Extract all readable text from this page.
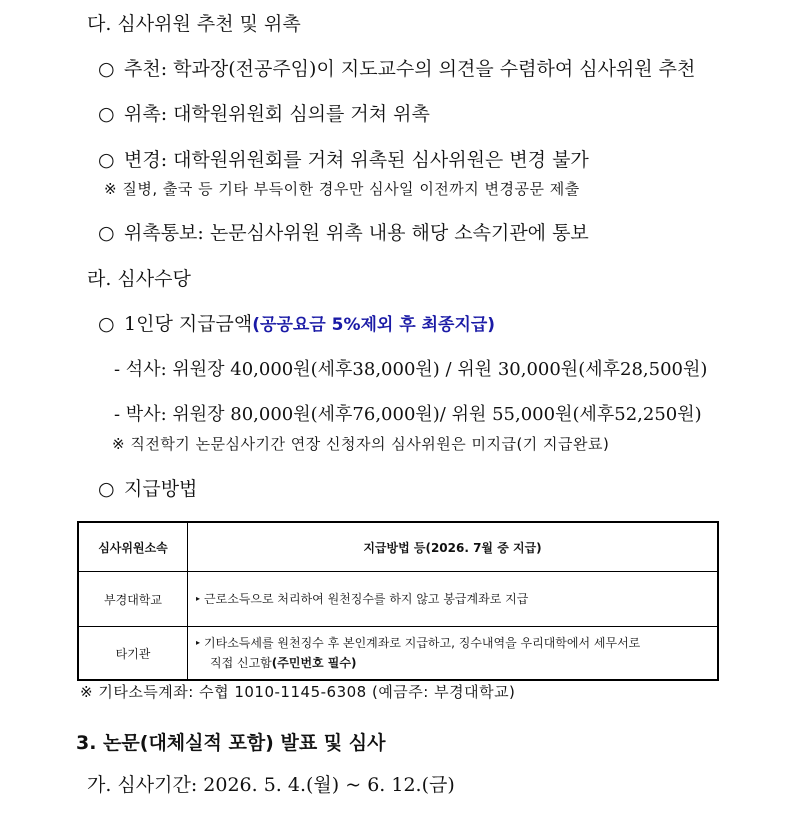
다. 심사위원 추천 및 위촉
○ 추천: 학과장(전공주임)이 지도교수의 의견을 수렴하여 심사위원 추천
○ 위촉: 대학원위원회 심의를 거쳐 위촉
○ 변경: 대학원위원회를 거쳐 위촉된 심사위원은 변경 불가
※ 질병, 출국 등 기타 부득이한 경우만 심사일 이전까지 변경공문 제출
○ 위촉통보: 논문심사위원 위촉 내용 해당 소속기관에 통보
라. 심사수당
○ 1인당 지급금액(공공요금 5%제외 후 최종지급)
- 석사: 위원장 40,000원(세후38,000원) / 위원 30,000원(세후28,500원)
- 박사: 위원장 80,000원(세후76,000원)/ 위원 55,000원(세후52,250원)
※ 직전학기 논문심사기간 연장 신청자의 심사위원은 미지급(기 지급완료)
○ 지급방법
심사위원소속	지급방법 등(2026. 7월 중 지급)
부경대학교	▸ 근로소득으로 처리하여 원천징수를 하지 않고 봉급계좌로 지급
타기관	▸ 기타소득세를 원천징수 후 본인계좌로 지급하고, 징수내역을 우리대학에서 세무서로
직접 신고함(주민번호 필수)
※ 기타소득계좌: 수협 1010-1145-6308 (예금주: 부경대학교)
3. 논문(대체실적 포함) 발표 및 심사
가. 심사기간: 2026. 5. 4.(월) ~ 6. 12.(금)
